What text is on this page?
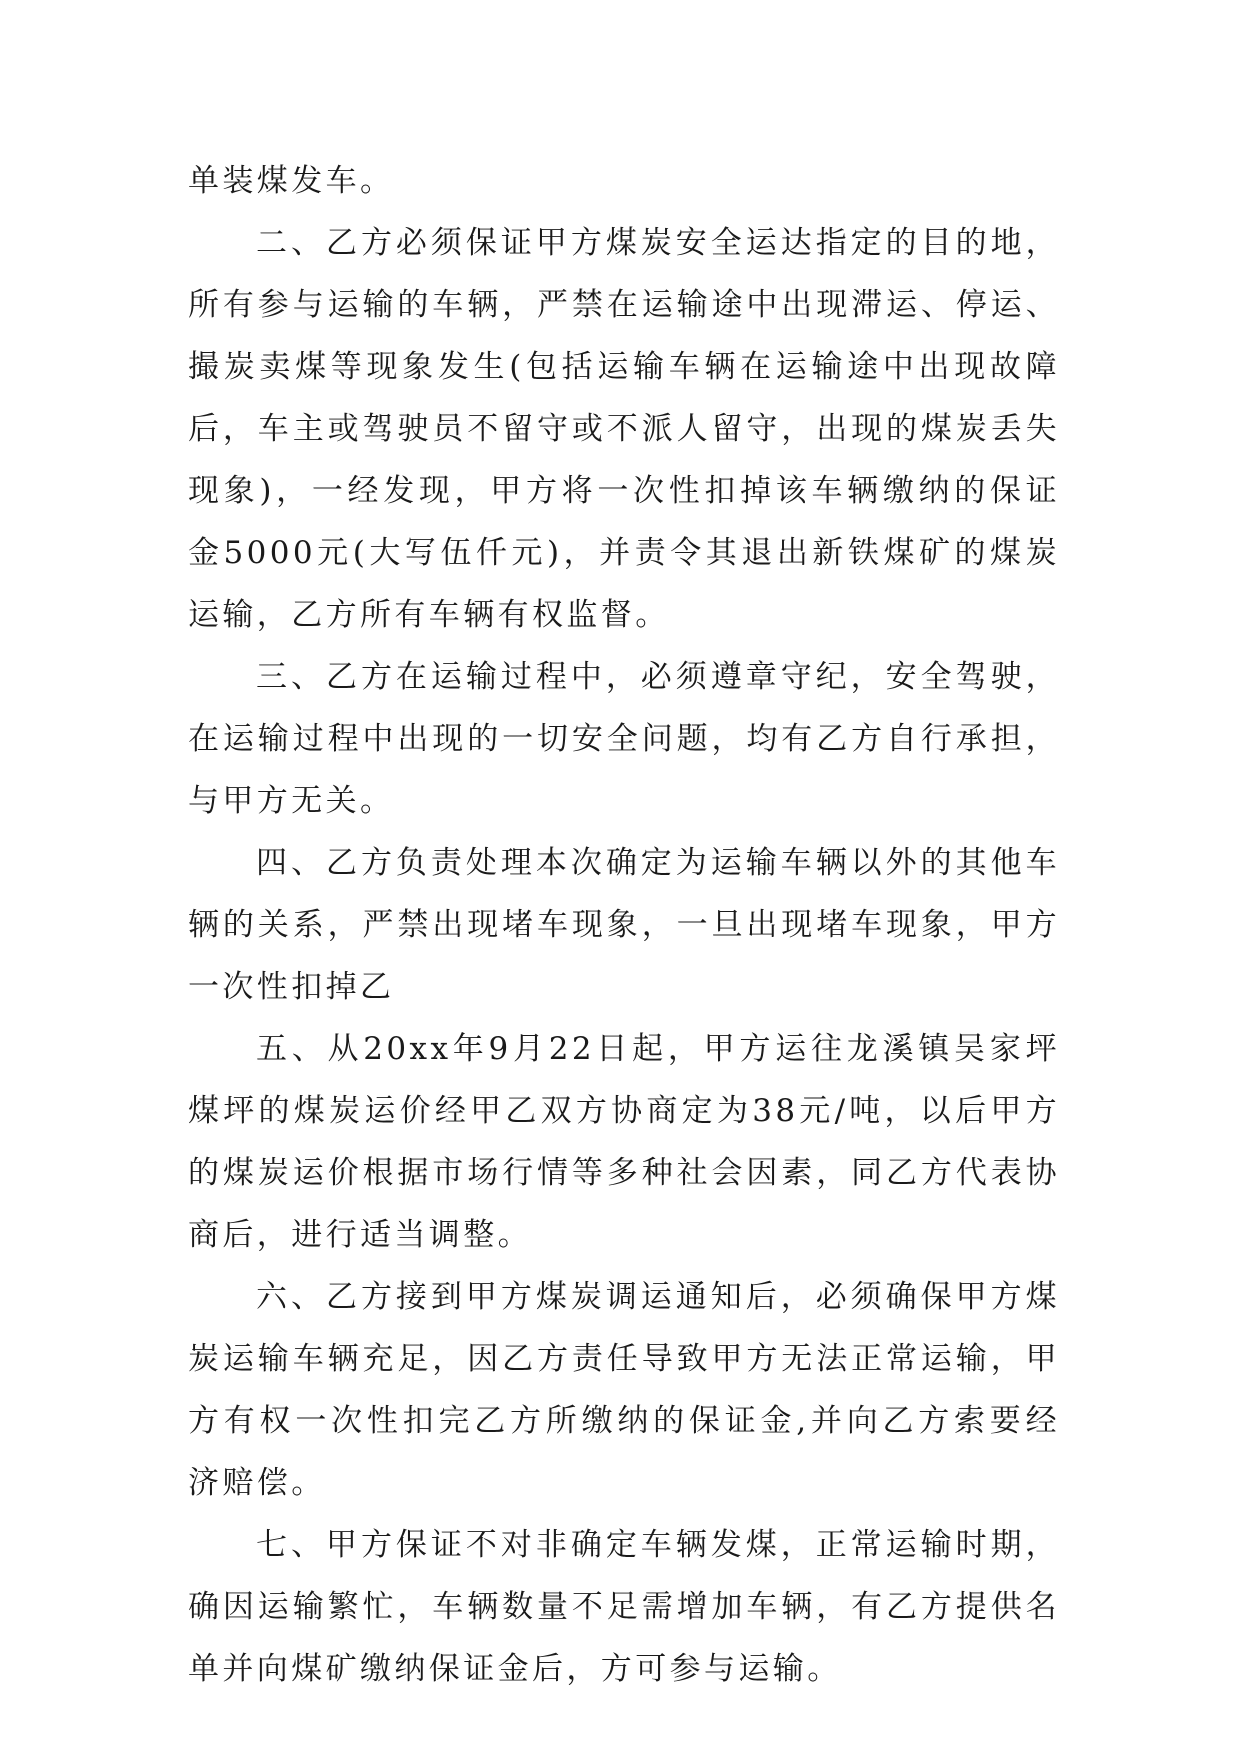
单装煤发车。

二、乙方必须保证甲方煤炭安全运达指定的目的地，所有参与运输的车辆，严禁在运输途中出现滞运、停运、撮炭卖煤等现象发生(包括运输车辆在运输途中出现故障后，车主或驾驶员不留守或不派人留守，出现的煤炭丢失现象)，一经发现，甲方将一次性扣掉该车辆缴纳的保证金5000元(大写伍仟元)，并责令其退出新铁煤矿的煤炭运输，乙方所有车辆有权监督。

三、乙方在运输过程中，必须遵章守纪，安全驾驶，在运输过程中出现的一切安全问题，均有乙方自行承担，与甲方无关。

四、乙方负责处理本次确定为运输车辆以外的其他车辆的关系，严禁出现堵车现象，一旦出现堵车现象，甲方一次性扣掉乙

五、从20xx年9月22日起，甲方运往龙溪镇吴家坪煤坪的煤炭运价经甲乙双方协商定为38元/吨，以后甲方的煤炭运价根据市场行情等多种社会因素，同乙方代表协商后，进行适当调整。

六、乙方接到甲方煤炭调运通知后，必须确保甲方煤炭运输车辆充足，因乙方责任导致甲方无法正常运输，甲方有权一次性扣完乙方所缴纳的保证金,并向乙方索要经济赔偿。

七、甲方保证不对非确定车辆发煤，正常运输时期，确因运输繁忙，车辆数量不足需增加车辆，有乙方提供名单并向煤矿缴纳保证金后，方可参与运输。
